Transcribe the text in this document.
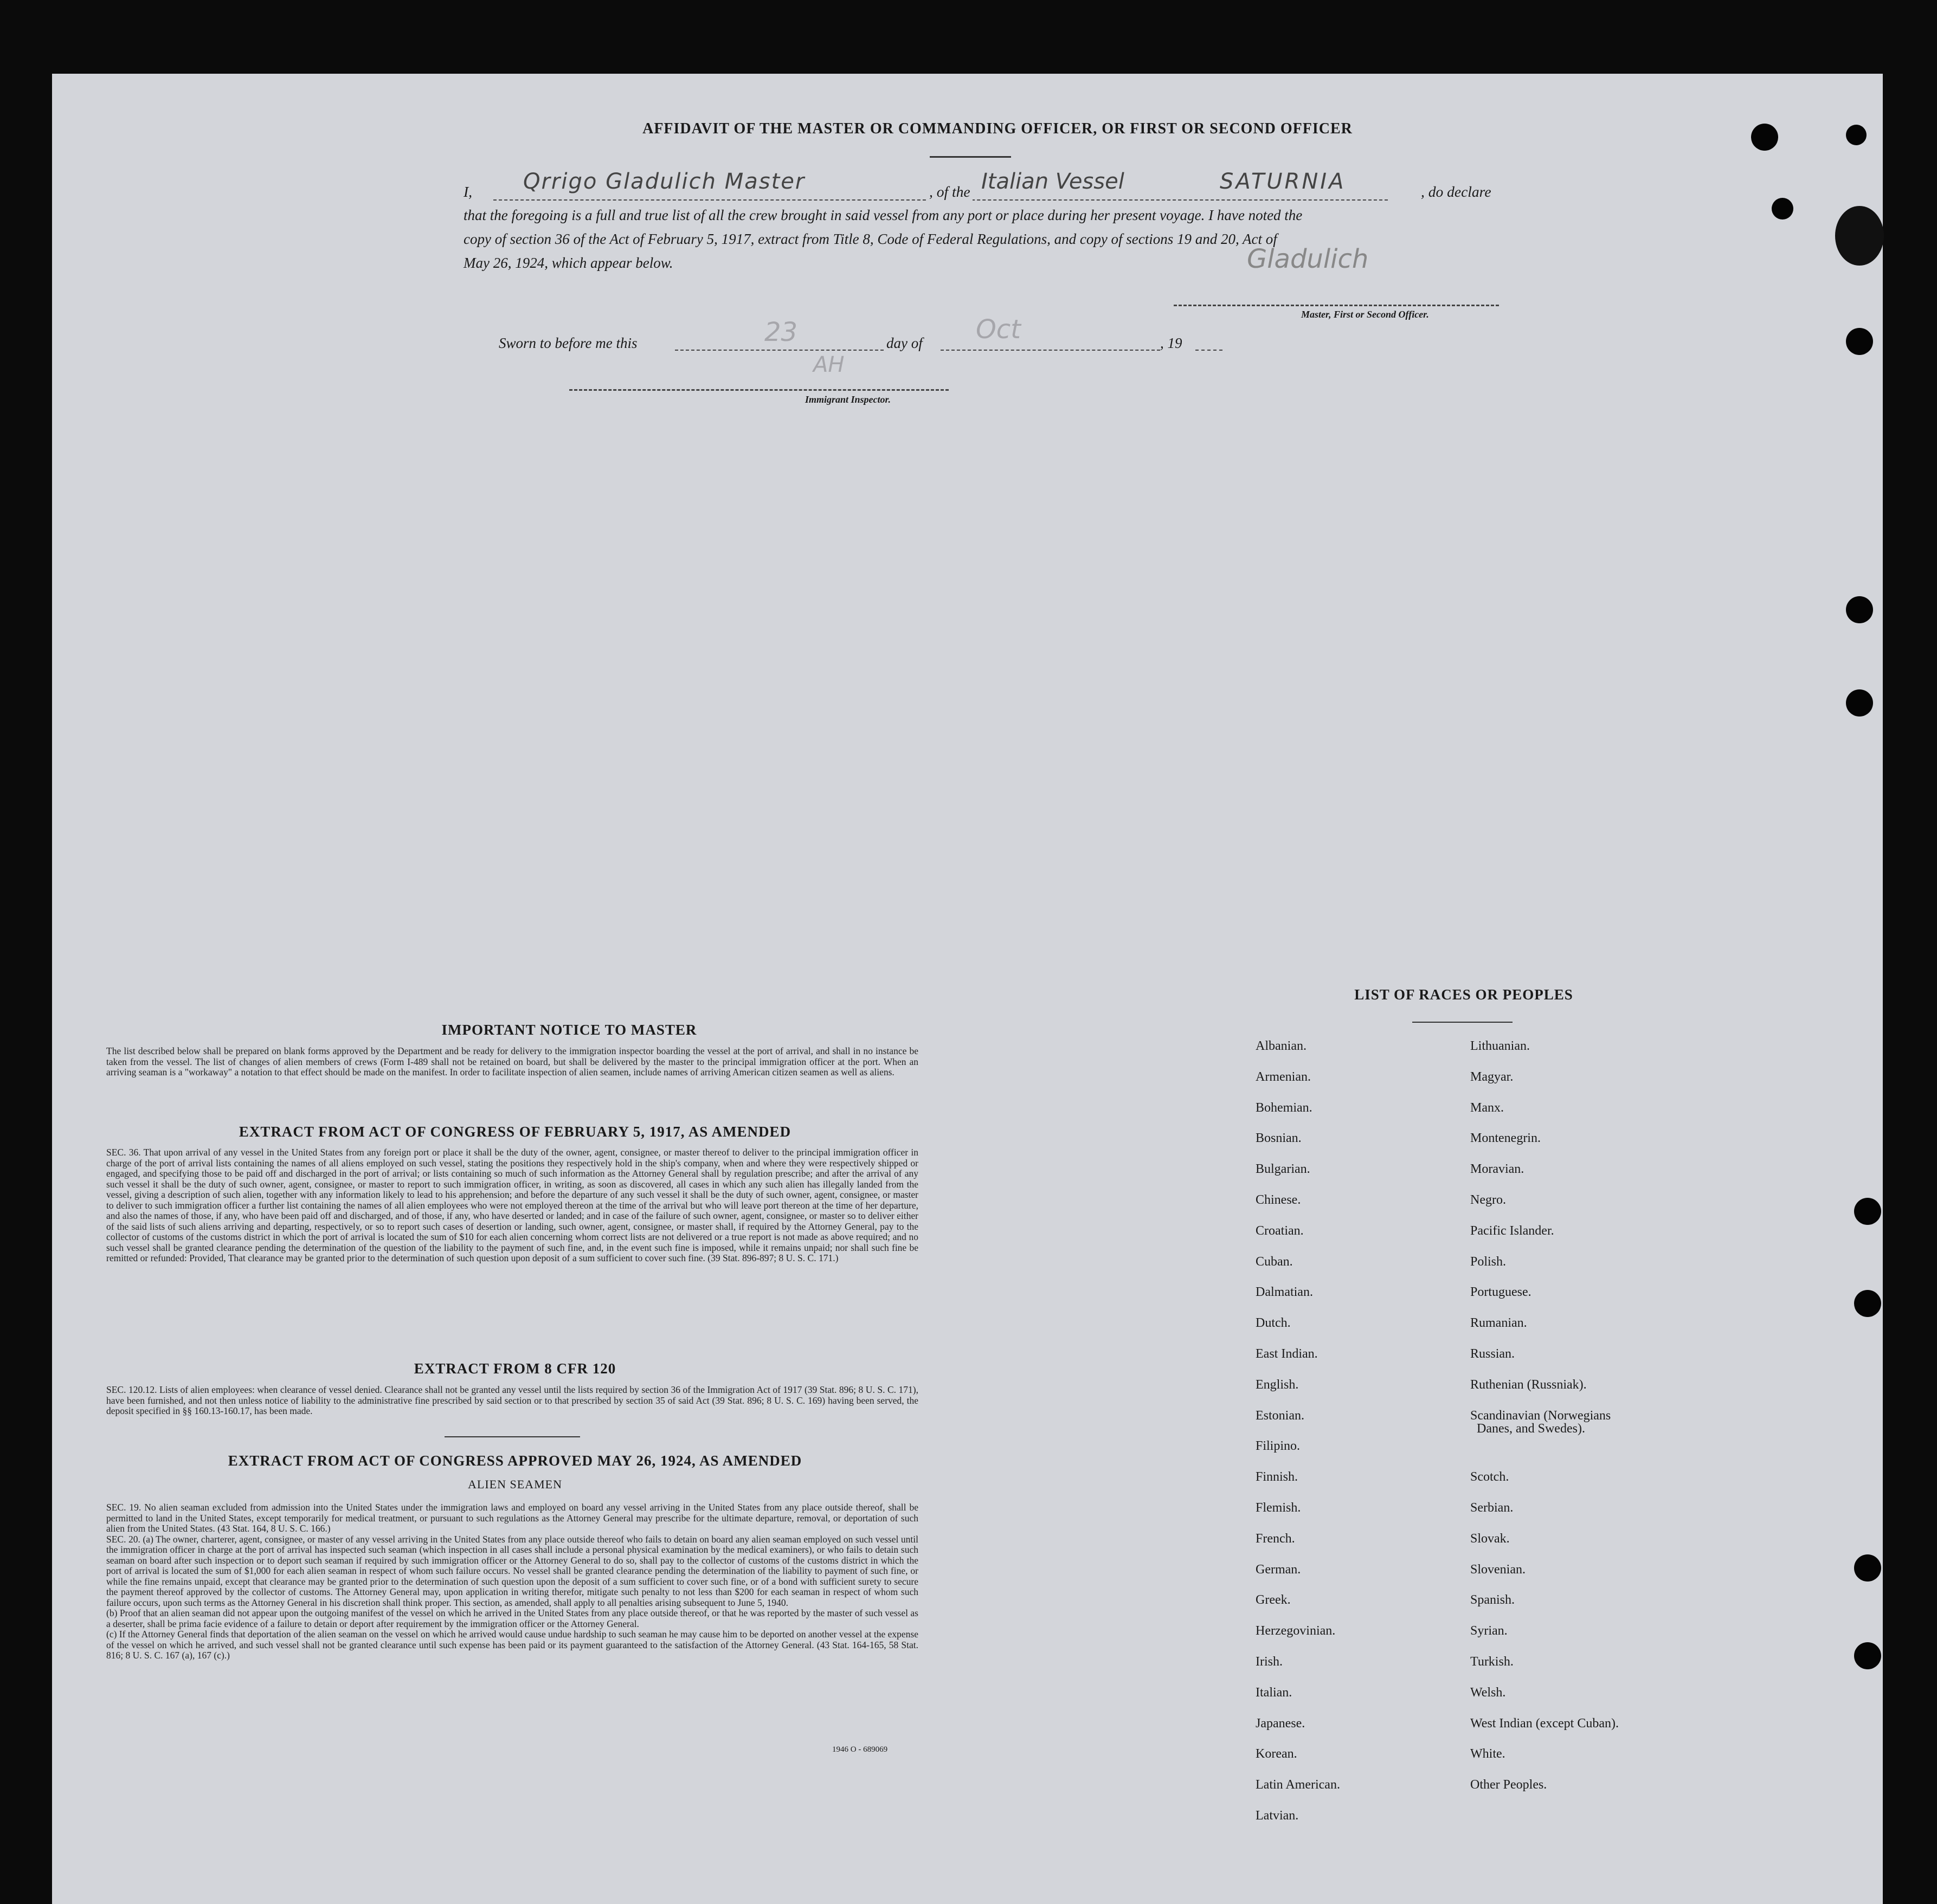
AFFIDAVIT OF THE MASTER OR COMMANDING OFFICER, OR FIRST OR SECOND OFFICER
I,	, of the	, do declare
that the foregoing is a full and true list of all the crew brought in said vessel from any port or place during her present voyage. I have noted the
copy of section 36 of the Act of February 5, 1917, extract from Title 8, Code of Federal Regulations, and copy of sections 19 and 20, Act of
May 26, 1924, which appear below.
Qrrigo Gladulich Master	Italian Vessel	SATURNIA
Gladulich
Master, First or Second Officer.
Sworn to before me this	day of	, 19
23	Oct
AH
Immigrant Inspector.
IMPORTANT NOTICE TO MASTER
The list described below shall be prepared on blank forms approved by the Department and be ready for delivery to the immigration inspector boarding the vessel at the port of arrival, and shall in no instance be taken from the vessel. The list of changes of alien members of crews (Form I-489 shall not be retained on board, but shall be delivered by the master to the principal immigration officer at the port. When an arriving seaman is a "workaway" a notation to that effect should be made on the manifest. In order to facilitate inspection of alien seamen, include names of arriving American citizen seamen as well as aliens.
EXTRACT FROM ACT OF CONGRESS OF FEBRUARY 5, 1917, AS AMENDED
SEC. 36. That upon arrival of any vessel in the United States from any foreign port or place it shall be the duty of the owner, agent, consignee, or master thereof to deliver to the principal immigration officer in charge of the port of arrival lists containing the names of all aliens employed on such vessel, stating the positions they respectively hold in the ship's company, when and where they were respectively shipped or engaged, and specifying those to be paid off and discharged in the port of arrival; or lists containing so much of such information as the Attorney General shall by regulation prescribe; and after the arrival of any such vessel it shall be the duty of such owner, agent, consignee, or master to report to such immigration officer, in writing, as soon as discovered, all cases in which any such alien has illegally landed from the vessel, giving a description of such alien, together with any information likely to lead to his apprehension; and before the departure of any such vessel it shall be the duty of such owner, agent, consignee, or master to deliver to such immigration officer a further list containing the names of all alien employees who were not employed thereon at the time of the arrival but who will leave port thereon at the time of her departure, and also the names of those, if any, who have been paid off and discharged, and of those, if any, who have deserted or landed; and in case of the failure of such owner, agent, consignee, or master so to deliver either of the said lists of such aliens arriving and departing, respectively, or so to report such cases of desertion or landing, such owner, agent, consignee, or master shall, if required by the Attorney General, pay to the collector of customs of the customs district in which the port of arrival is located the sum of $10 for each alien concerning whom correct lists are not delivered or a true report is not made as above required; and no such vessel shall be granted clearance pending the determination of the question of the liability to the payment of such fine, and, in the event such fine is imposed, while it remains unpaid; nor shall such fine be remitted or refunded: Provided, That clearance may be granted prior to the determination of such question upon deposit of a sum sufficient to cover such fine. (39 Stat. 896-897; 8 U. S. C. 171.)
EXTRACT FROM 8 CFR 120
SEC. 120.12. Lists of alien employees: when clearance of vessel denied. Clearance shall not be granted any vessel until the lists required by section 36 of the Immigration Act of 1917 (39 Stat. 896; 8 U. S. C. 171), have been furnished, and not then unless notice of liability to the administrative fine prescribed by said section or to that prescribed by section 35 of said Act (39 Stat. 896; 8 U. S. C. 169) having been served, the deposit specified in §§ 160.13-160.17, has been made.
EXTRACT FROM ACT OF CONGRESS APPROVED MAY 26, 1924, AS AMENDED
ALIEN SEAMEN
SEC. 19. No alien seaman excluded from admission into the United States under the immigration laws and employed on board any vessel arriving in the United States from any place outside thereof, shall be permitted to land in the United States, except temporarily for medical treatment, or pursuant to such regulations as the Attorney General may prescribe for the ultimate departure, removal, or deportation of such alien from the United States. (43 Stat. 164, 8 U. S. C. 166.)
SEC. 20. (a) The owner, charterer, agent, consignee, or master of any vessel arriving in the United States from any place outside thereof who fails to detain on board any alien seaman employed on such vessel until the immigration officer in charge at the port of arrival has inspected such seaman (which inspection in all cases shall include a personal physical examination by the medical examiners), or who fails to detain such seaman on board after such inspection or to deport such seaman if required by such immigration officer or the Attorney General to do so, shall pay to the collector of customs of the customs district in which the port of arrival is located the sum of $1,000 for each alien seaman in respect of whom such failure occurs. No vessel shall be granted clearance pending the determination of the liability to payment of such fine, or while the fine remains unpaid, except that clearance may be granted prior to the determination of such question upon the deposit of a sum sufficient to cover such fine, or of a bond with sufficient surety to secure the payment thereof approved by the collector of customs. The Attorney General may, upon application in writing therefor, mitigate such penalty to not less than $200 for each seaman in respect of whom such failure occurs, upon such terms as the Attorney General in his discretion shall think proper. This section, as amended, shall apply to all penalties arising subsequent to June 5, 1940.
(b) Proof that an alien seaman did not appear upon the outgoing manifest of the vessel on which he arrived in the United States from any place outside thereof, or that he was reported by the master of such vessel as a deserter, shall be prima facie evidence of a failure to detain or deport after requirement by the immigration officer or the Attorney General.
(c) If the Attorney General finds that deportation of the alien seaman on the vessel on which he arrived would cause undue hardship to such seaman he may cause him to be deported on another vessel at the expense of the vessel on which he arrived, and such vessel shall not be granted clearance until such expense has been paid or its payment guaranteed to the satisfaction of the Attorney General. (43 Stat. 164-165, 58 Stat. 816; 8 U. S. C. 167 (a), 167 (c).)
1946 O - 689069
LIST OF RACES OR PEOPLES
Albanian.
Armenian.
Bohemian.
Bosnian.
Bulgarian.
Chinese.
Croatian.
Cuban.
Dalmatian.
Dutch.
East Indian.
English.
Estonian.
Filipino.
Finnish.
Flemish.
French.
German.
Greek.
Herzegovinian.
Irish.
Italian.
Japanese.
Korean.
Latin American.
Latvian.
Lithuanian.
Magyar.
Manx.
Montenegrin.
Moravian.
Negro.
Pacific Islander.
Polish.
Portuguese.
Rumanian.
Russian.
Ruthenian (Russniak).
Scandinavian (Norwegians
Danes, and Swedes).
Scotch.
Serbian.
Slovak.
Slovenian.
Spanish.
Syrian.
Turkish.
Welsh.
West Indian (except Cuban).
White.
Other Peoples.
